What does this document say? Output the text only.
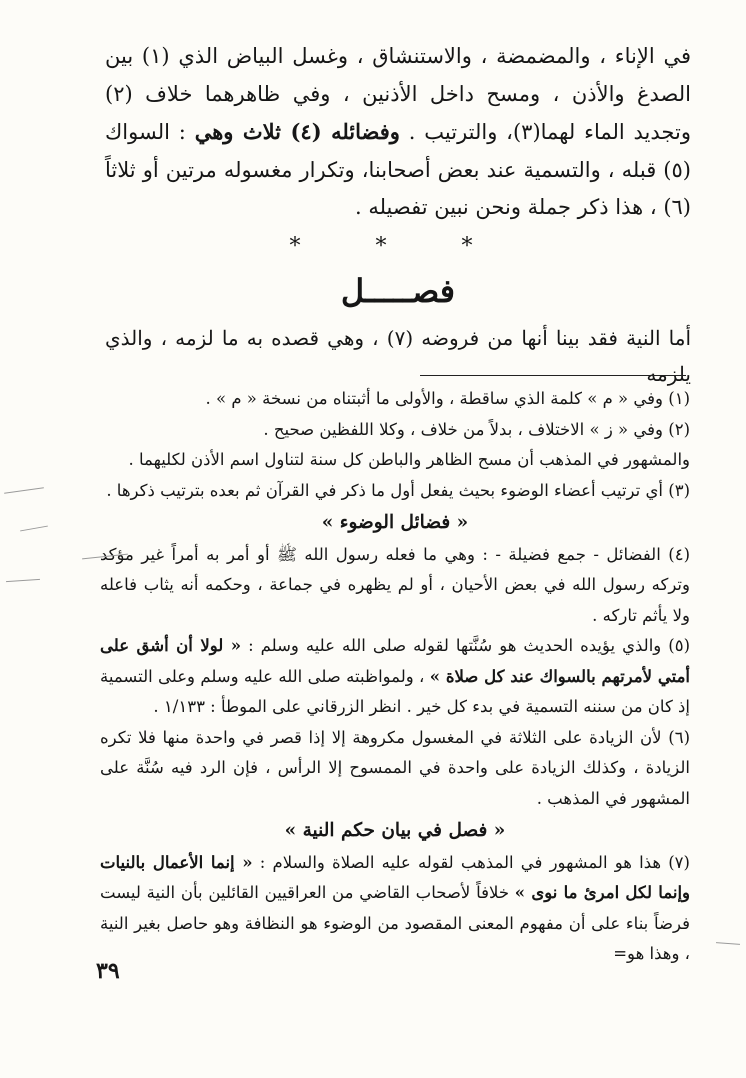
في الإناء ، والمضمضة ، والاستنشاق ، وغسل البياض الذي (١) بين الصدغ والأذن ، ومسح داخل الأذنين ، وفي ظاهرهما خلاف (٢) وتجديد الماء لهما(٣)، والترتيب . وفضائله (٤) ثلاث وهي : السواك (٥) قبله ، والتسمية عند بعض أصحابنا، وتكرار مغسوله مرتين أو ثلاثاً (٦) ، هذا ذكر جملة ونحن نبين تفصيله .

* * *
فصـــــل
أما النية فقد بينا أنها من فروضه (٧) ، وهي قصده به ما لزمه ، والذي يلزمه

(١) وفي « م » كلمة الذي ساقطة ، والأولى ما أثبتناه من نسخة « م » .

(٢) وفي « ز » الاختلاف ، بدلاً من خلاف ، وكلا اللفظين صحيح .

والمشهور في المذهب أن مسح الظاهر والباطن كل سنة لتناول اسم الأذن لكليهما .

(٣) أي ترتيب أعضاء الوضوء بحيث يفعل أول ما ذكر في القرآن ثم بعده بترتيب ذكرها .

« فضائل الوضوء »

(٤) الفضائل - جمع فضيلة - : وهي ما فعله رسول الله ﷺ أو أمر به أمراً غير مؤكد وتركه رسول الله في بعض الأحيان ، أو لم يظهره في جماعة ، وحكمه أنه يثاب فاعله ولا يأثم تاركه .

(٥) والذي يؤيده الحديث هو سُنَّتها لقوله صلى الله عليه وسلم : « لولا أن أشق على أمتي لأمرتهم بالسواك عند كل صلاة » ، ولمواظبته صلى الله عليه وسلم وعلى التسمية إذ كان من سننه التسمية في بدء كل خير . انظر الزرقاني على الموطأ : ١/١٣٣ .

(٦) لأن الزيادة على الثلاثة في المغسول مكروهة إلا إذا قصر في واحدة منها فلا تكره الزيادة ، وكذلك الزيادة على واحدة في الممسوح إلا الرأس ، فإن الرد فيه سُنَّة على المشهور في المذهب .

« فصل في بيان حكم النية »

(٧) هذا هو المشهور في المذهب لقوله عليه الصلاة والسلام : « إنما الأعمال بالنيات وإنما لكل امرئ ما نوى » خلافاً لأصحاب القاضي من العراقيين القائلين بأن النية ليست فرضاً بناء على أن مفهوم المعنى المقصود من الوضوء هو النظافة وهو حاصل بغير النية ، وهذا هو=

٣٩
